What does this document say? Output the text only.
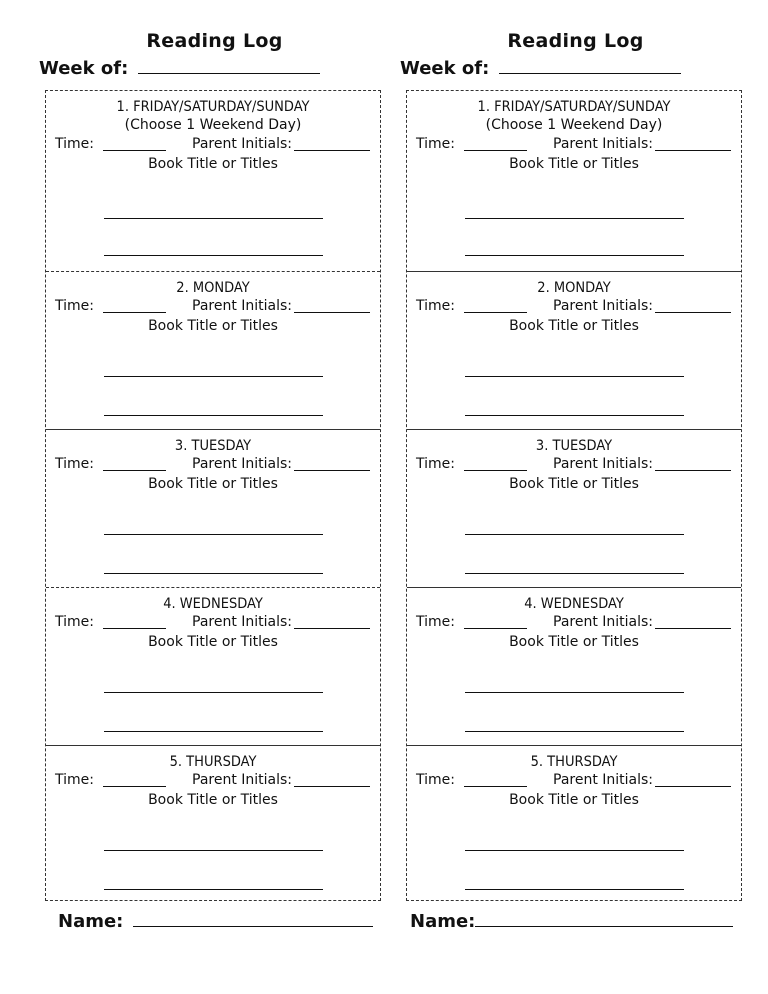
Reading Log
Week of:
1. FRIDAY/SATURDAY/SUNDAY
(Choose 1 Weekend Day)
Time:	Parent Initials:
Book Title or Titles
2. MONDAY
Time:	Parent Initials:
Book Title or Titles
3. TUESDAY
Time:	Parent Initials:
Book Title or Titles
4. WEDNESDAY
Time:	Parent Initials:
Book Title or Titles
5. THURSDAY
Time:	Parent Initials:
Book Title or Titles
Name:
Reading Log
Week of:
1. FRIDAY/SATURDAY/SUNDAY
(Choose 1 Weekend Day)
Time:	Parent Initials:
Book Title or Titles
2. MONDAY
Time:	Parent Initials:
Book Title or Titles
3. TUESDAY
Time:	Parent Initials:
Book Title or Titles
4. WEDNESDAY
Time:	Parent Initials:
Book Title or Titles
5. THURSDAY
Time:	Parent Initials:
Book Title or Titles
Name:
